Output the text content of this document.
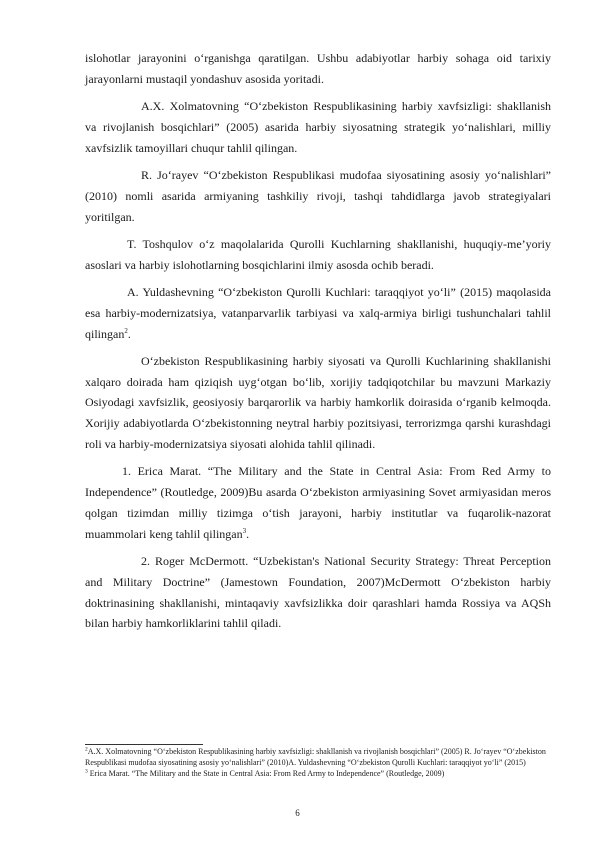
islohotlar jarayonini o‘rganishga qaratilgan. Ushbu adabiyotlar harbiy sohaga oid tarixiy jarayonlarni mustaqil yondashuv asosida yoritadi.

A.X. Xolmatovning “O‘zbekiston Respublikasining harbiy xavfsizligi: shakllanish va rivojlanish bosqichlari” (2005) asarida harbiy siyosatning strategik yo‘nalishlari, milliy xavfsizlik tamoyillari chuqur tahlil qilingan.

R. Jo‘rayev “O‘zbekiston Respublikasi mudofaa siyosatining asosiy yo‘nalishlari” (2010) nomli asarida armiyaning tashkiliy rivoji, tashqi tahdidlarga javob strategiyalari yoritilgan.

T. Toshqulov o‘z maqolalarida Qurolli Kuchlarning shakllanishi, huquqiy-me’yoriy asoslari va harbiy islohotlarning bosqichlarini ilmiy asosda ochib beradi.

A. Yuldashevning “O‘zbekiston Qurolli Kuchlari: taraqqiyot yo‘li” (2015) maqolasida esa harbiy-modernizatsiya, vatanparvarlik tarbiyasi va xalq-armiya birligi tushunchalari tahlil qilingan$^2$.

O‘zbekiston Respublikasining harbiy siyosati va Qurolli Kuchlarining shakllanishi xalqaro doirada ham qiziqish uyg‘otgan bo‘lib, xorijiy tadqiqotchilar bu mavzuni Markaziy Osiyodagi xavfsizlik, geosiyosiy barqarorlik va harbiy hamkorlik doirasida o‘rganib kelmoqda. Xorijiy adabiyotlarda O‘zbekistonning neytral harbiy pozitsiyasi, terrorizmga qarshi kurashdagi roli va harbiy-modernizatsiya siyosati alohida tahlil qilinadi.

1. Erica Marat. “The Military and the State in Central Asia: From Red Army to Independence” (Routledge, 2009)Bu asarda O‘zbekiston armiyasining Sovet armiyasidan meros qolgan tizimdan milliy tizimga o‘tish jarayoni, harbiy institutlar va fuqarolik-nazorat muammolari keng tahlil qilingan$^3$.

2. Roger McDermott. “Uzbekistan's National Security Strategy: Threat Perception and Military Doctrine” (Jamestown Foundation, 2007)McDermott O‘zbekiston harbiy doktrinasining shakllanishi, mintaqaviy xavfsizlikka doir qarashlari hamda Rossiya va AQSh bilan harbiy hamkorliklarini tahlil qiladi.

$^2$A.X. Xolmatovning “O‘zbekiston Respublikasining harbiy xavfsizligi: shakllanish va rivojlanish bosqichlari” (2005) R. Jo‘rayev “O‘zbekiston Respublikasi mudofaa siyosatining asosiy yo‘nalishlari” (2010)A. Yuldashevning “O‘zbekiston Qurolli Kuchlari: taraqqiyot yo‘li” (2015)
$^3$ Erica Marat. “The Military and the State in Central Asia: From Red Army to Independence” (Routledge, 2009)
6
